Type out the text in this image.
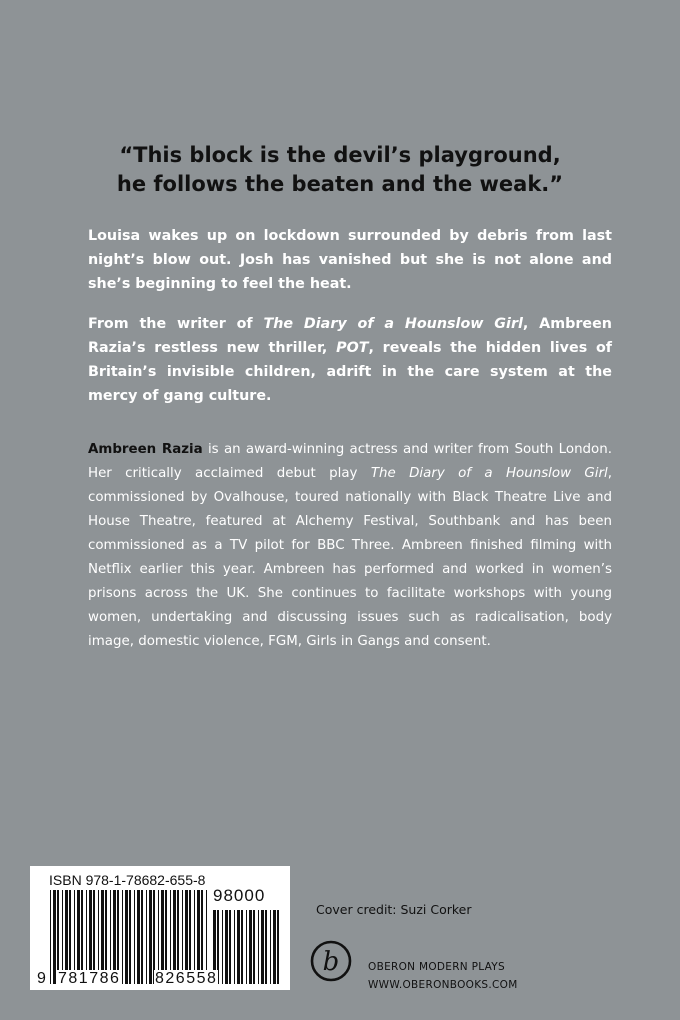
“This block is the devil’s playground,
he follows the beaten and the weak.”

Louisa wakes up on lockdown surrounded by debris from last night’s blow out. Josh has vanished but she is not alone and she’s beginning to feel the heat.

From the writer of The Diary of a Hounslow Girl, Ambreen Razia’s restless new thriller, POT, reveals the hidden lives of Britain’s invisible children, adrift in the care system at the mercy of gang culture.

Ambreen Razia is an award-winning actress and writer from South London. Her critically acclaimed debut play The Diary of a Hounslow Girl, commissioned by Ovalhouse, toured nationally with Black Theatre Live and House Theatre, featured at Alchemy Festival, Southbank and has been commissioned as a TV pilot for BBC Three. Ambreen finished filming with Netflix earlier this year. Ambreen has performed and worked in women’s prisons across the UK. She continues to facilitate workshops with young women, undertaking and discussing issues such as radicalisation, body image, domestic violence, FGM, Girls in Gangs and consent.

ISBN 978-1-78682-655-8
98000
9 781786 826558
Cover credit: Suzi Corker
b	OBERON MODERN PLAYS
WWW.OBERONBOOKS.COM
